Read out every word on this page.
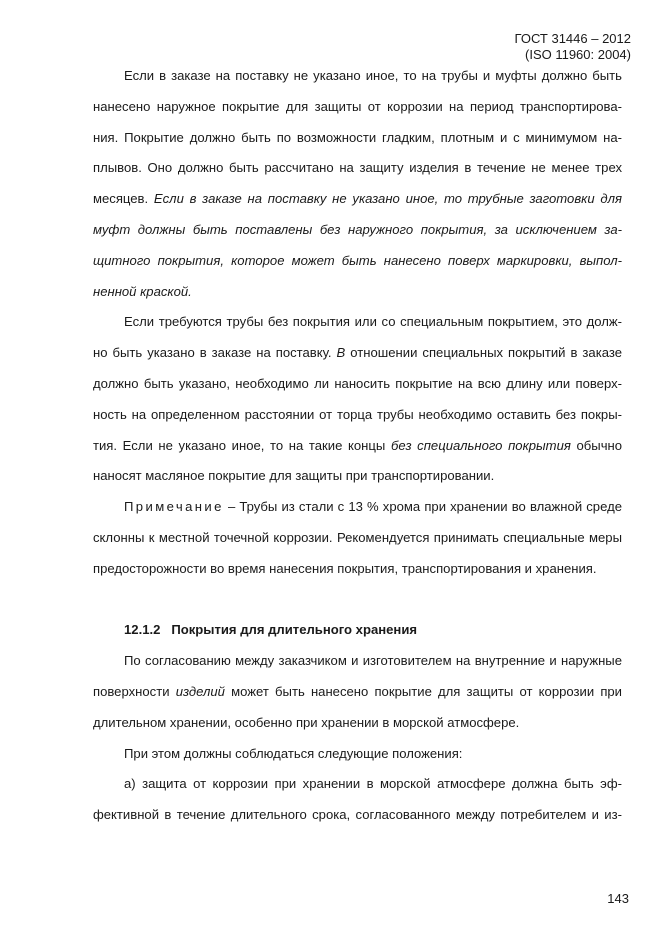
ГОСТ 31446 – 2012
(ISO 11960: 2004)
Если в заказе на поставку не указано иное, то на трубы и муфты должно быть
нанесено наружное покрытие для защиты от коррозии на период транспортирова-
ния. Покрытие должно быть по возможности гладким, плотным и с минимумом на-
плывов. Оно должно быть рассчитано на защиту изделия в течение не менее трех
месяцев. Если в заказе на поставку не указано иное, то трубные заготовки для
муфт должны быть поставлены без наружного покрытия, за исключением за-
щитного покрытия, которое может быть нанесено поверх маркировки, выпол-
ненной краской.
Если требуются трубы без покрытия или со специальным покрытием, это долж-
но быть указано в заказе на поставку. В отношении специальных покрытий в заказе
должно быть указано, необходимо ли наносить покрытие на всю длину или поверх-
ность на определенном расстоянии от торца трубы необходимо оставить без покры-
тия. Если не указано иное, то на такие концы без специального покрытия обычно
наносят масляное покрытие для защиты при транспортировании.
Примечание – Трубы из стали с 13 % хрома при хранении во влажной среде
склонны к местной точечной коррозии. Рекомендуется принимать специальные меры
предосторожности во время нанесения покрытия, транспортирования и хранения.
12.1.2 Покрытия для длительного хранения
По согласованию между заказчиком и изготовителем на внутренние и наружные
поверхности изделий может быть нанесено покрытие для защиты от коррозии при
длительном хранении, особенно при хранении в морской атмосфере.
При этом должны соблюдаться следующие положения:
а) защита от коррозии при хранении в морской атмосфере должна быть эф-
фективной в течение длительного срока, согласованного между потребителем и из-
143
